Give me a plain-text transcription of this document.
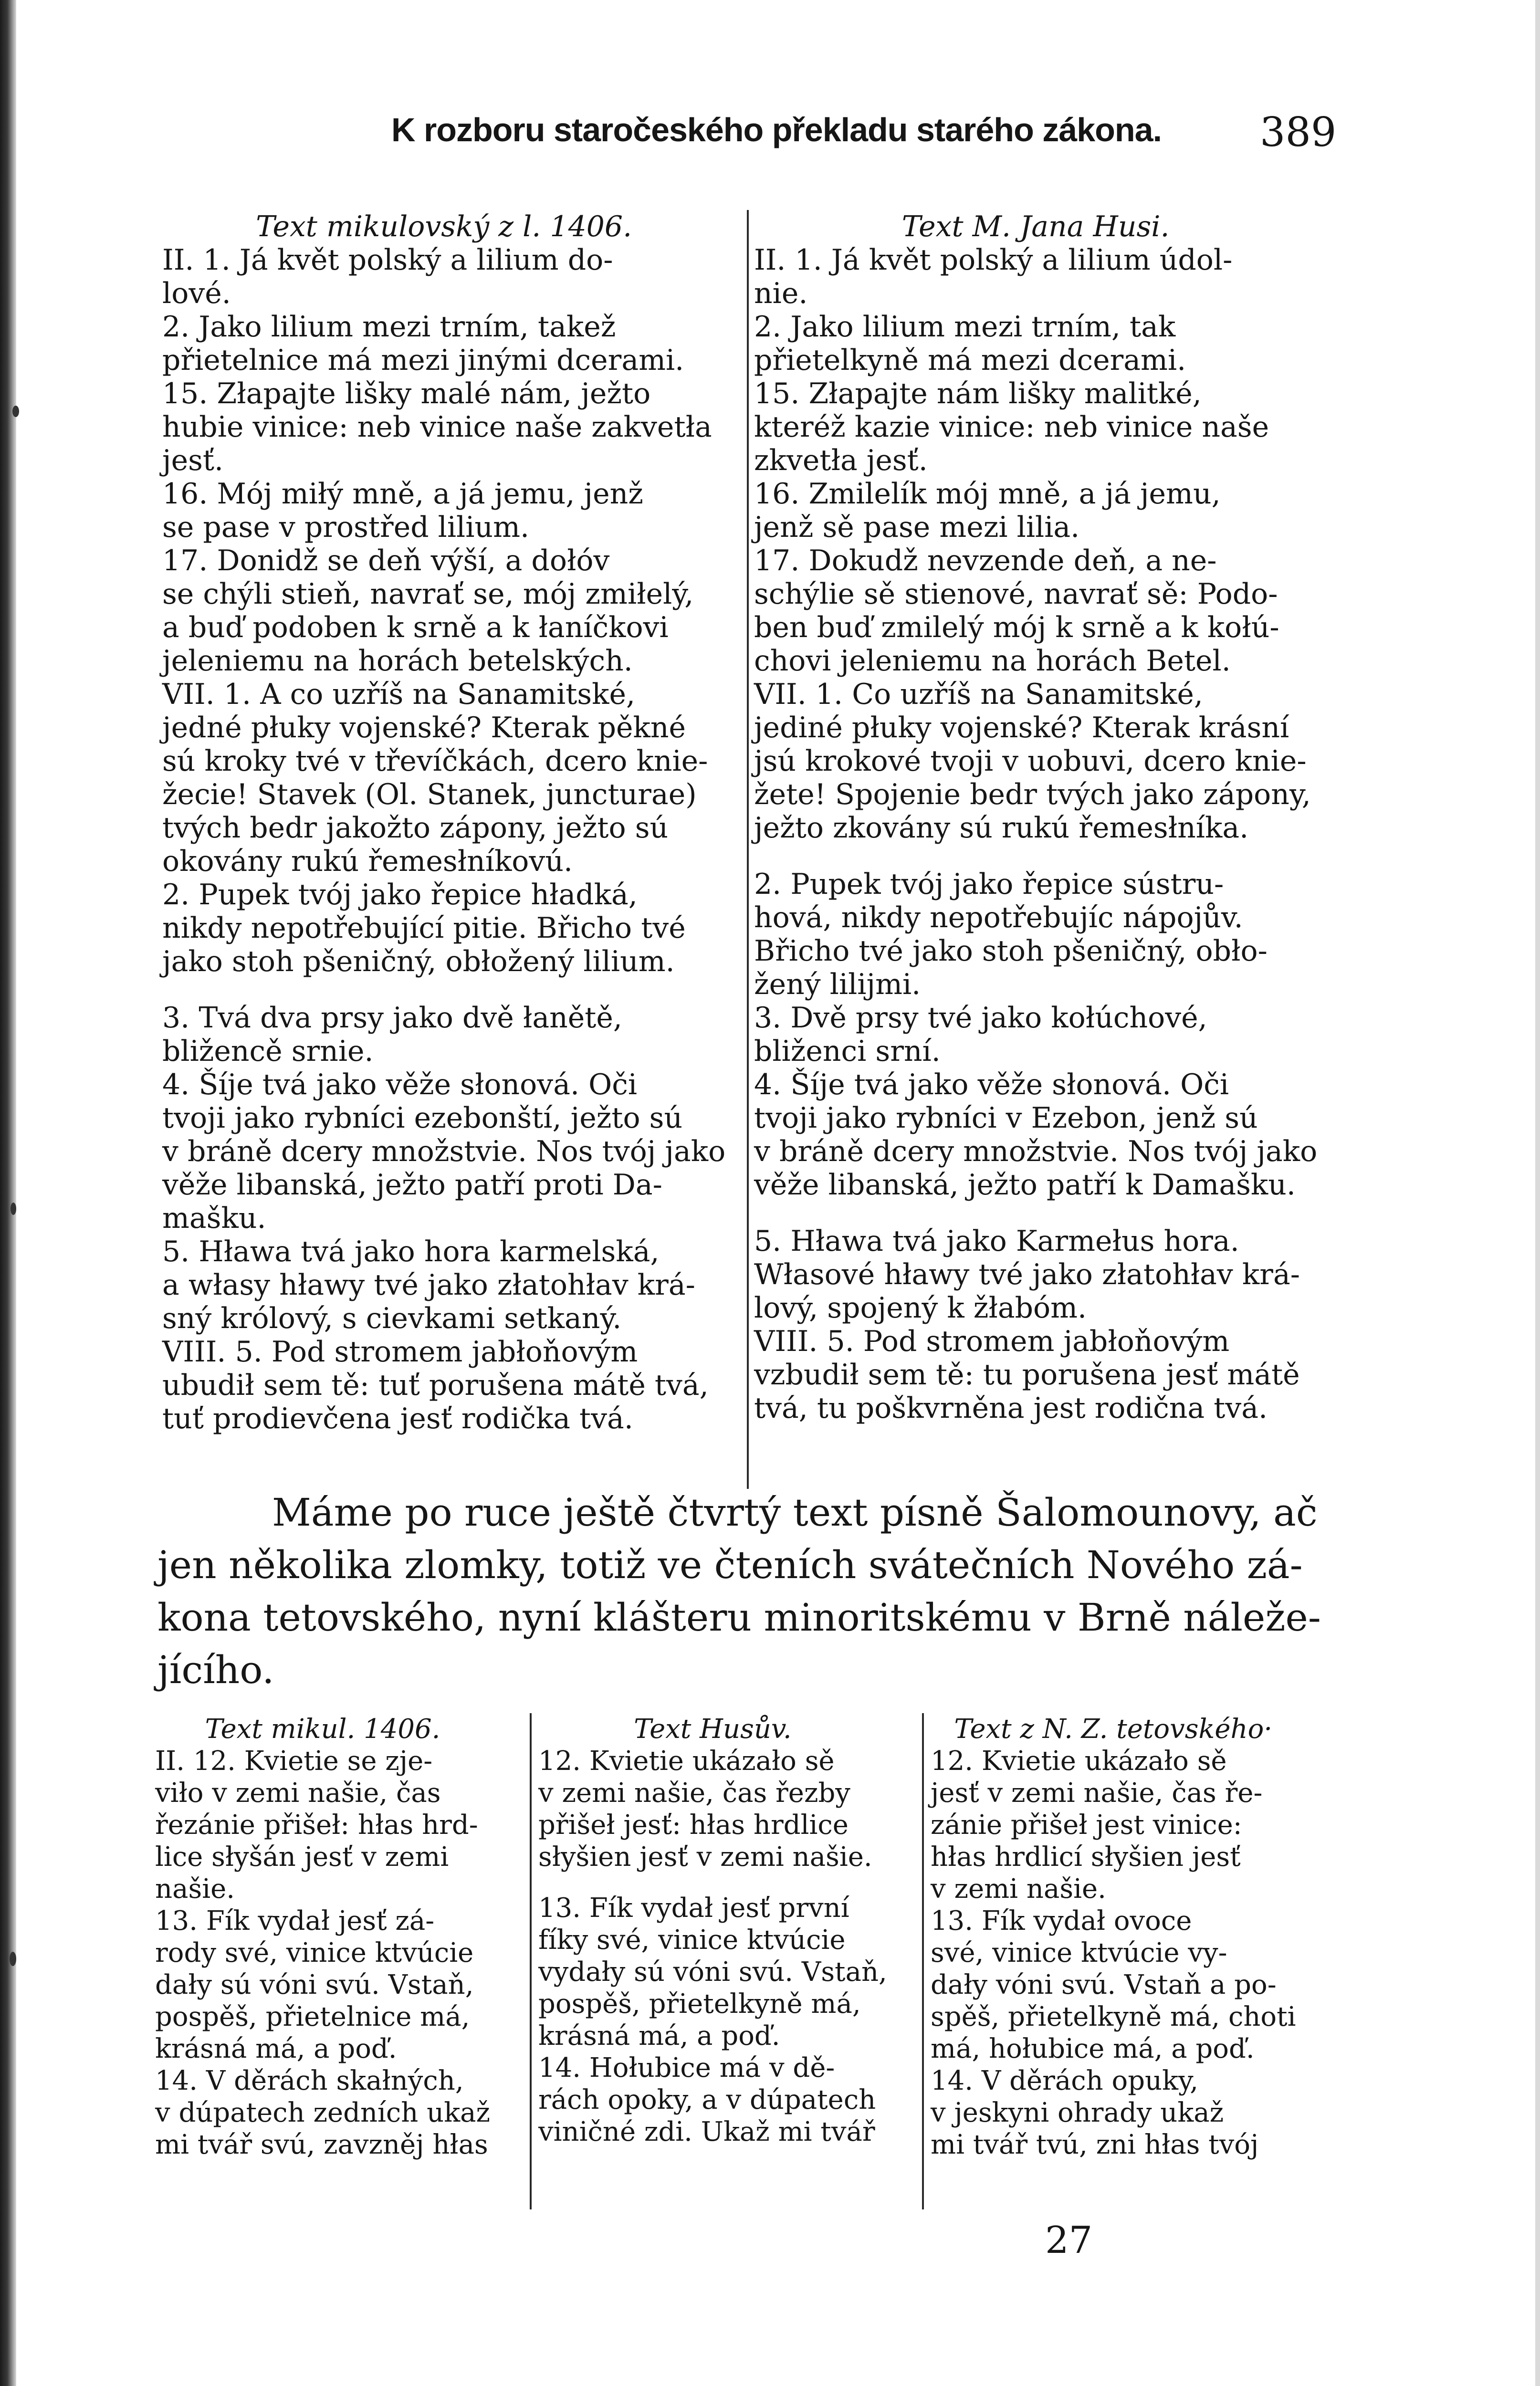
K rozboru staročeského překladu starého zákona. 389

Text mikulovský z l. 1406.

II. 1. Já květ polský a lilium do-

lové.

2. Jako lilium mezi trním, takež

přietelnice má mezi jinými dcerami.

15. Złapajte lišky malé nám, ježto

hubie vinice: neb vinice naše zakvetła

jesť.

16. Mój miłý mně, a já jemu, jenž

se pase v prostřed lilium.

17. Donidž se deň výší, a dołóv

se chýli stieň, navrať se, mój zmiłelý,

a buď podoben k srně a k łaníčkovi

jeleniemu na horách betelských.

VII. 1. A co uzříš na Sanamitské,

jedné płuky vojenské? Kterak pěkné

sú kroky tvé v třevíčkách, dcero knie-

žecie! Stavek (Ol. Stanek, juncturae)

tvých bedr jakožto zápony, ježto sú

okovány rukú řemesłníkovú.

2. Pupek tvój jako řepice hładká,

nikdy nepotřebující pitie. Břicho tvé

jako stoh pšeničný, obłožený lilium.

3. Tvá dva prsy jako dvě łanětě,

bližencě srnie.

4. Šíje tvá jako věže słonová. Oči

tvoji jako rybníci ezebonští, ježto sú

v bráně dcery množstvie. Nos tvój jako

věže libanská, ježto patří proti Da-

mašku.

5. Hława tvá jako hora karmelská,

a własy hławy tvé jako złatohłav krá-

sný królový, s cievkami setkaný.

VIII. 5. Pod stromem jabłoňovým

ubudił sem tě: tuť porušena mátě tvá,

tuť prodievčena jesť rodička tvá.

Text M. Jana Husi.

II. 1. Já květ polský a lilium údol-

nie.

2. Jako lilium mezi trním, tak

přietelkyně má mezi dcerami.

15. Złapajte nám lišky malitké,

kteréž kazie vinice: neb vinice naše

zkvetła jesť.

16. Zmilelík mój mně, a já jemu,

jenž sě pase mezi lilia.

17. Dokudž nevzende deň, a ne-

schýlie sě stienové, navrať sě: Podo-

ben buď zmilelý mój k srně a k kołú-

chovi jeleniemu na horách Betel.

VII. 1. Co uzříš na Sanamitské,

jediné płuky vojenské? Kterak krásní

jsú krokové tvoji v uobuvi, dcero knie-

žete! Spojenie bedr tvých jako zápony,

ježto zkovány sú rukú řemesłníka.

2. Pupek tvój jako řepice sústru-

hová, nikdy nepotřebujíc nápojův.

Břicho tvé jako stoh pšeničný, obło-

žený lilijmi.

3. Dvě prsy tvé jako kołúchové,

bliženci srní.

4. Šíje tvá jako věže słonová. Oči

tvoji jako rybníci v Ezebon, jenž sú

v bráně dcery množstvie. Nos tvój jako

věže libanská, ježto patří k Damašku.

5. Hława tvá jako Karmełus hora.

Własové hławy tvé jako złatohłav krá-

lový, spojený k žłabóm.

VIII. 5. Pod stromem jabłoňovým

vzbudił sem tě: tu porušena jesť mátě

tvá, tu poškvrněna jest rodična tvá.

Máme po ruce ještě čtvrtý text písně Šalomounovy, ač

jen několika zlomky, totiž ve čteních svátečních Nového zá-

kona tetovského, nyní klášteru minoritskému v Brně náleže-

jícího.

Text mikul. 1406.

II. 12. Kvietie se zje-

viło v zemi našie, čas

řezánie přišeł: hłas hrd-

lice słyšán jesť v zemi

našie.

13. Fík vydał jesť zá-

rody své, vinice ktvúcie

dały sú vóni svú. Vstaň,

pospěš, přietelnice má,

krásná má, a poď.

14. V děrách skałných,

v dúpatech zedních ukaž

mi tvář svú, zavzněj hłas

Text Husův.

12. Kvietie ukázało sě

v zemi našie, čas řezby

přišeł jesť: hłas hrdlice

słyšien jesť v zemi našie.

13. Fík vydał jesť první

fíky své, vinice ktvúcie

vydały sú vóni svú. Vstaň,

pospěš, přietelkyně má,

krásná má, a poď.

14. Hołubice má v dě-

rách opoky, a v dúpatech

viničné zdi. Ukaž mi tvář

Text z N. Z. tetovského·

12. Kvietie ukázało sě

jesť v zemi našie, čas ře-

zánie přišeł jest vinice:

hłas hrdlicí słyšien jesť

v zemi našie.

13. Fík vydał ovoce

své, vinice ktvúcie vy-

dały vóni svú. Vstaň a po-

spěš, přietelkyně má, choti

má, hołubice má, a poď.

14. V děrách opuky,

v jeskyni ohrady ukaž

mi tvář tvú, zni hłas tvój

27
